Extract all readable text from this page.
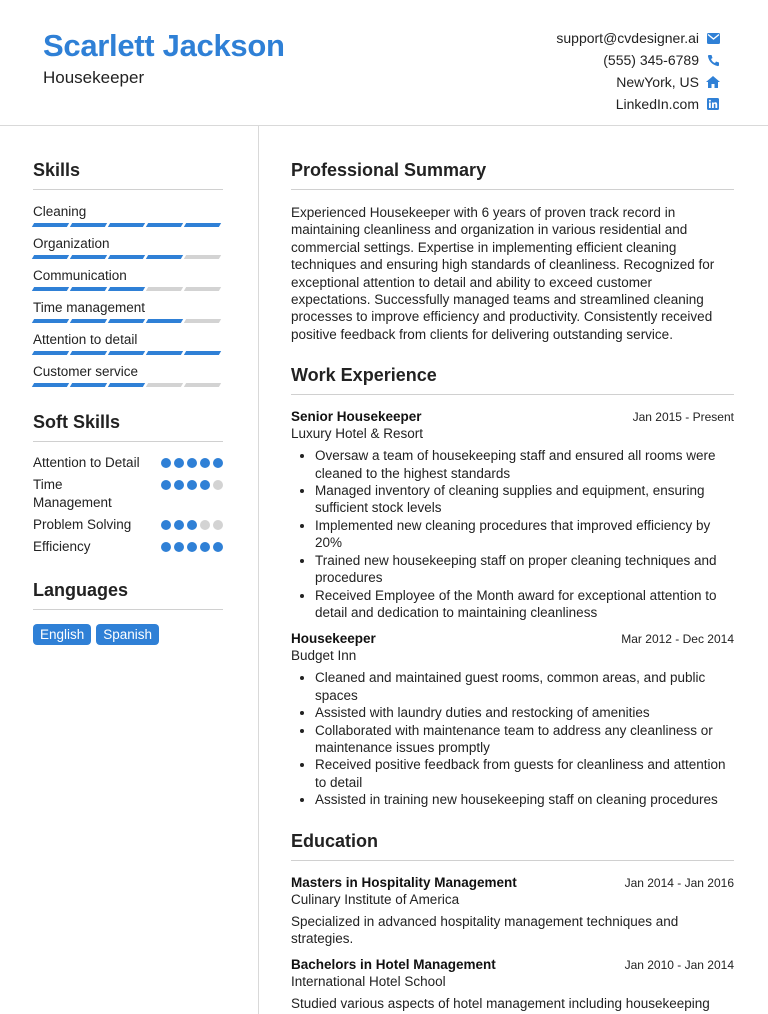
Scarlett Jackson
Housekeeper
support@cvdesigner.ai
(555) 345-6789
NewYork, US
LinkedIn.com
Skills
Cleaning
Organization
Communication
Time management
Attention to detail
Customer service
Soft Skills
Attention to Detail
Time Management
Problem Solving
Efficiency
Languages
English	Spanish
Professional Summary
Experienced Housekeeper with 6 years of proven track record in maintaining cleanliness and organization in various residential and commercial settings. Expertise in implementing efficient cleaning techniques and ensuring high standards of cleanliness. Recognized for exceptional attention to detail and ability to exceed customer expectations. Successfully managed teams and streamlined cleaning processes to improve efficiency and productivity. Consistently received positive feedback from clients for delivering outstanding service.
Work Experience
Senior Housekeeper	Jan 2015 - Present
Luxury Hotel & Resort
• Oversaw a team of housekeeping staff and ensured all rooms were cleaned to the highest standards
• Managed inventory of cleaning supplies and equipment, ensuring sufficient stock levels
• Implemented new cleaning procedures that improved efficiency by 20%
• Trained new housekeeping staff on proper cleaning techniques and procedures
• Received Employee of the Month award for exceptional attention to detail and dedication to maintaining cleanliness
Housekeeper	Mar 2012 - Dec 2014
Budget Inn
• Cleaned and maintained guest rooms, common areas, and public spaces
• Assisted with laundry duties and restocking of amenities
• Collaborated with maintenance team to address any cleanliness or maintenance issues promptly
• Received positive feedback from guests for cleanliness and attention to detail
• Assisted in training new housekeeping staff on cleaning procedures
Education
Masters in Hospitality Management	Jan 2014 - Jan 2016
Culinary Institute of America
Specialized in advanced hospitality management techniques and strategies.
Bachelors in Hotel Management	Jan 2010 - Jan 2014
International Hotel School
Studied various aspects of hotel management including housekeeping
